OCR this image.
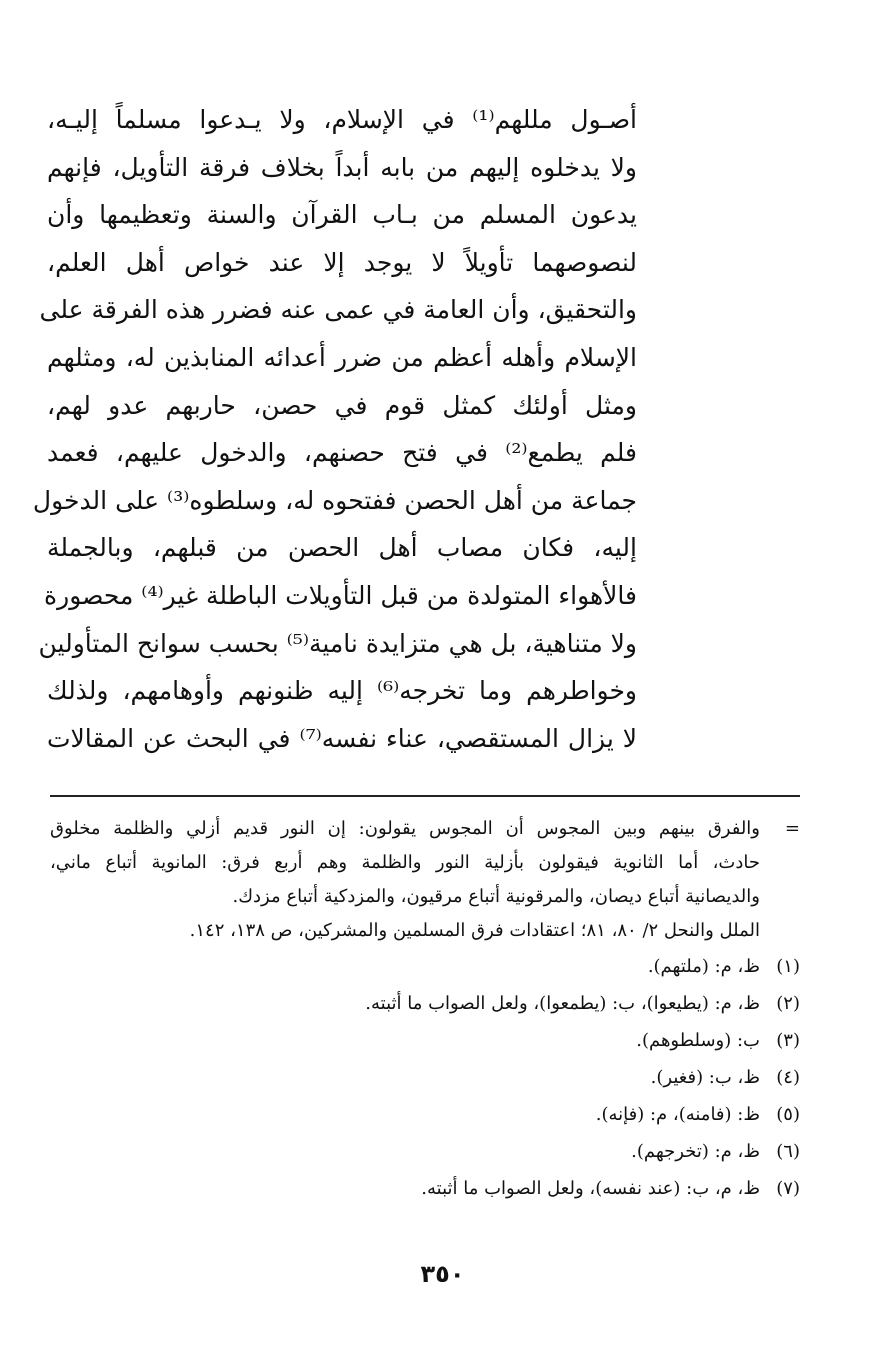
أصـول مللهم⁽¹⁾ في الإسلام، ولا يـدعوا مسلماً إليـه،
ولا يدخلوه إليهم من بابه أبداً بخلاف فرقة التأويل، فإنهم
يدعون المسلم من بـاب القرآن والسنة وتعظيمها وأن
لنصوصهما تأويلاً لا يوجد إلا عند خواص أهل العلم،
والتحقيق، وأن العامة في عمى عنه فضرر هذه الفرقة على
الإسلام وأهله أعظم من ضرر أعدائه المنابذين له، ومثلهم
ومثل أولئك كمثل قوم في حصن، حاربهم عدو لهم،
فلم يطمع⁽²⁾ في فتح حصنهم، والدخول عليهم، فعمد
جماعة من أهل الحصن ففتحوه له، وسلطوه⁽³⁾ على الدخول
إليه، فكان مصاب أهل الحصن من قبلهم، وبالجملة
فالأهواء المتولدة من قبل التأويلات الباطلة غير⁽⁴⁾ محصورة
ولا متناهية، بل هي متزايدة نامية⁽⁵⁾ بحسب سوانح المتأولين
وخواطرهم وما تخرجه⁽⁶⁾ إليه ظنونهم وأوهامهم، ولذلك
لا يزال المستقصي، عناء نفسه⁽⁷⁾ في البحث عن المقالات
=
والفرق بينهم وبين المجوس أن المجوس يقولون: إن النور قديم أزلي والظلمة مخلوق
حادث، أما الثانوية فيقولون بأزلية النور والظلمة وهم أربع فرق: المانوية أتباع ماني،
والديصانية أتباع ديصان، والمرقونية أتباع مرقيون، والمزدكية أتباع مزدك.
الملل والنحل ٢/ ٨٠، ٨١؛ اعتقادات فرق المسلمين والمشركين، ص ١٣٨، ١٤٢.
(١)
ظ، م: (ملتهم).
(٢)
ظ، م: (يطيعوا)، ب: (يطمعوا)، ولعل الصواب ما أثبته.
(٣)
ب: (وسلطوهم).
(٤)
ظ، ب: (فغير).
(٥)
ظ: (فامنه)، م: (فإنه).
(٦)
ظ، م: (تخرجهم).
(٧)
ظ، م، ب: (عند نفسه)، ولعل الصواب ما أثبته.
٣٥٠
